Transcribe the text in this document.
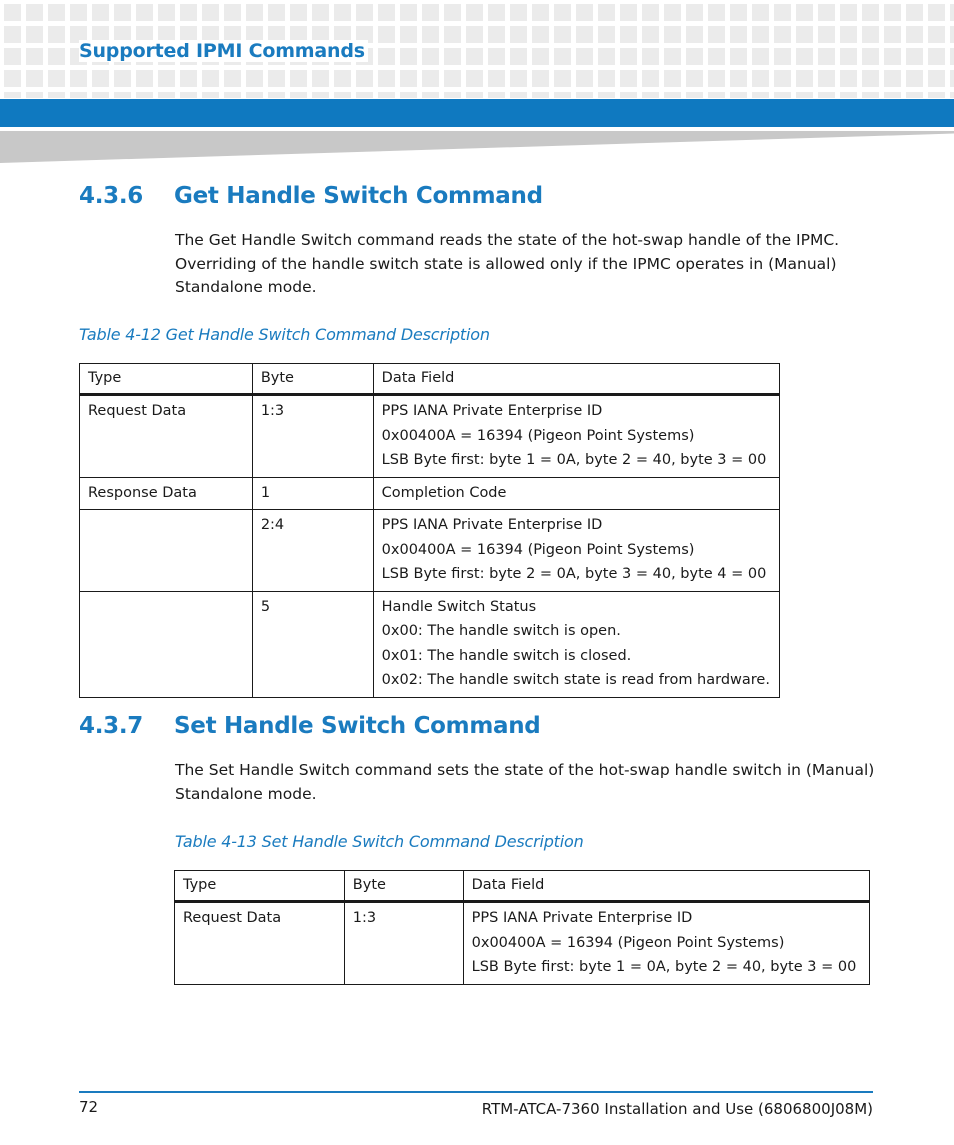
Supported IPMI Commands
4.3.6 Get Handle Switch Command

The Get Handle Switch command reads the state of the hot-swap handle of the IPMC.
Overriding of the handle switch state is allowed only if the IPMC operates in (Manual)
Standalone mode.

Table 4-12 Get Handle Switch Command Description
Type	Byte	Data Field
Request Data	1:3	PPS IANA Private Enterprise ID
0x00400A = 16394 (Pigeon Point Systems)
LSB Byte first: byte 1 = 0A, byte 2 = 40, byte 3 = 00

Response Data	1	Completion Code

	2:4	PPS IANA Private Enterprise ID
0x00400A = 16394 (Pigeon Point Systems)
LSB Byte first: byte 2 = 0A, byte 3 = 40, byte 4 = 00

	5	Handle Switch Status
0x00: The handle switch is open.
0x01: The handle switch is closed.
0x02: The handle switch state is read from hardware.
4.3.7 Set Handle Switch Command

The Set Handle Switch command sets the state of the hot-swap handle switch in (Manual)
Standalone mode.

Table 4-13 Set Handle Switch Command Description
Type	Byte	Data Field
Request Data	1:3	PPS IANA Private Enterprise ID
0x00400A = 16394 (Pigeon Point Systems)
LSB Byte first: byte 1 = 0A, byte 2 = 40, byte 3 = 00
72	RTM-ATCA-7360 Installation and Use (6806800J08M)
